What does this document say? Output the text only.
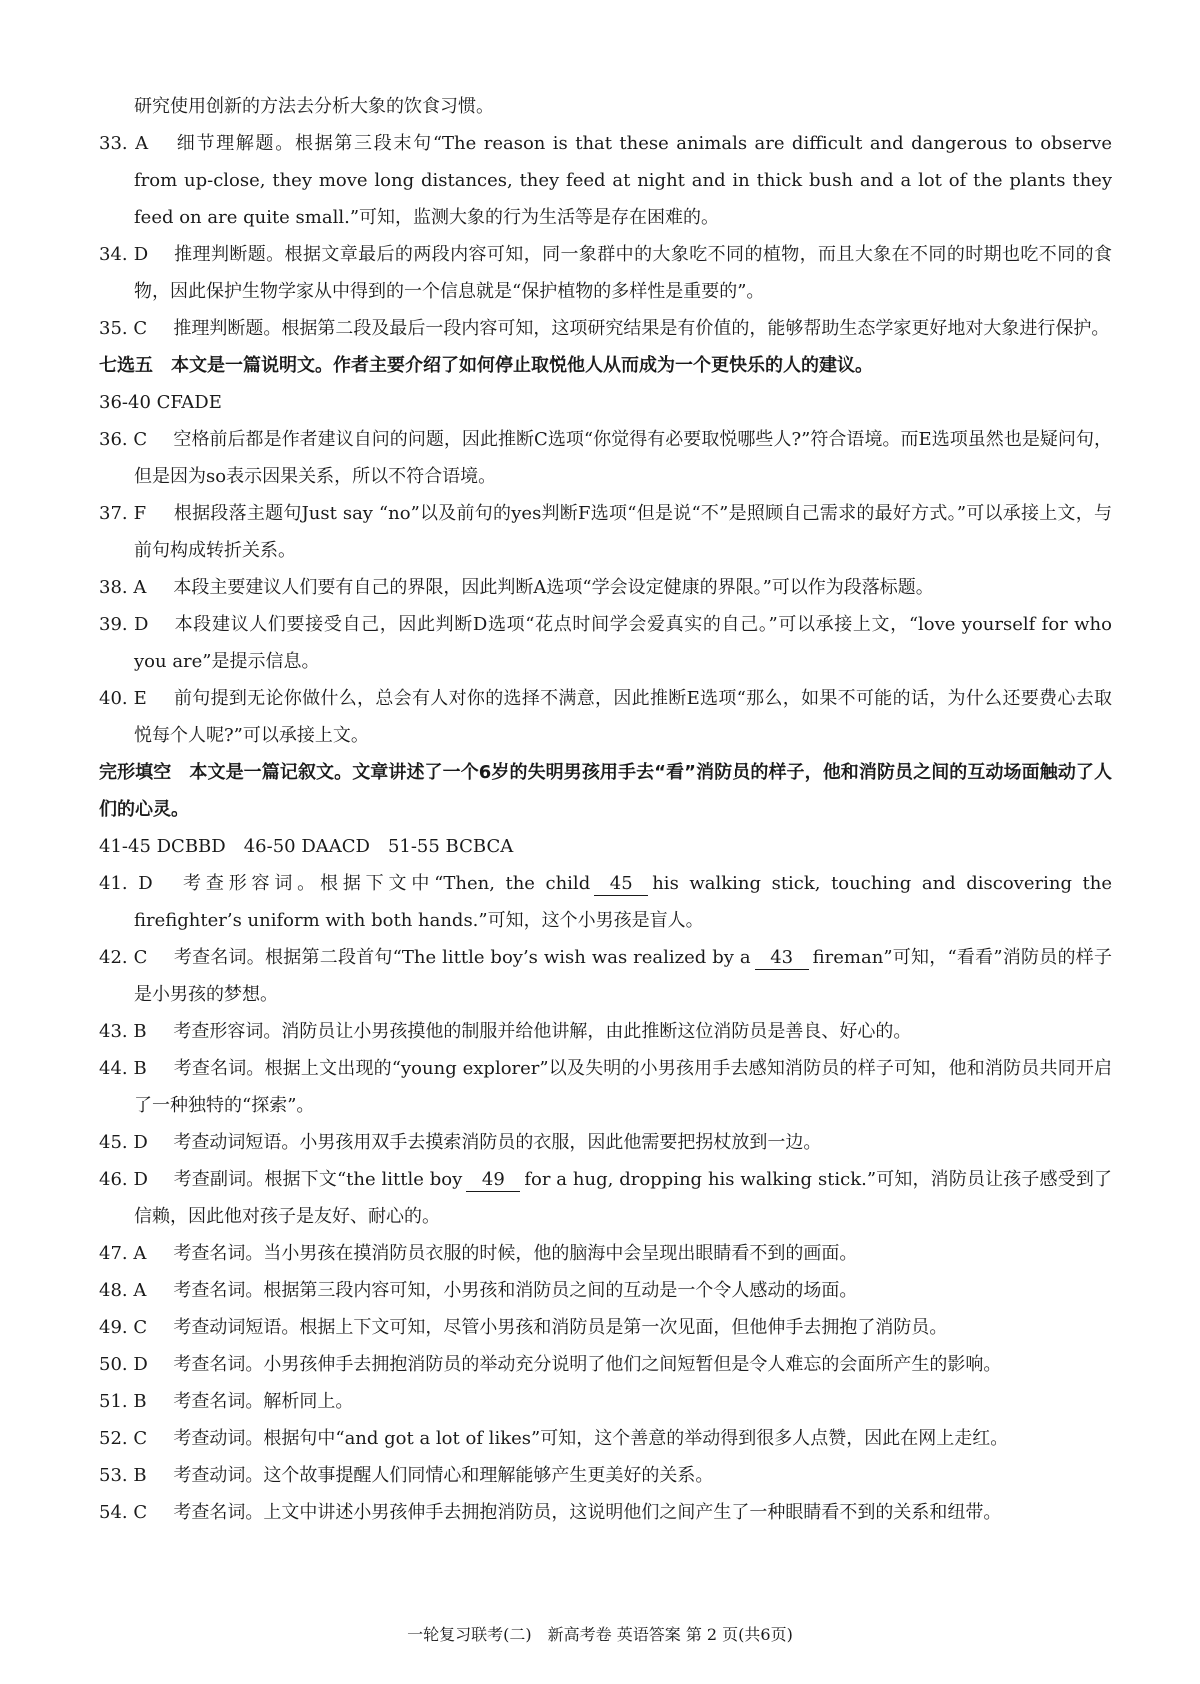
研究使用创新的方法去分析大象的饮食习惯。

33. A 细节理解题。根据第三段末句“The reason is that these animals are difficult and dangerous to observe from up-close, they move long distances, they feed at night and in thick bush and a lot of the plants they feed on are quite small.”可知，监测大象的行为生活等是存在困难的。

34. D 推理判断题。根据文章最后的两段内容可知，同一象群中的大象吃不同的植物，而且大象在不同的时期也吃不同的食物，因此保护生物学家从中得到的一个信息就是“保护植物的多样性是重要的”。

35. C 推理判断题。根据第二段及最后一段内容可知，这项研究结果是有价值的，能够帮助生态学家更好地对大象进行保护。

七选五　本文是一篇说明文。作者主要介绍了如何停止取悦他人从而成为一个更快乐的人的建议。

36-40 CFADE

36. C 空格前后都是作者建议自问的问题，因此推断C选项“你觉得有必要取悦哪些人?”符合语境。而E选项虽然也是疑问句，但是因为so表示因果关系，所以不符合语境。

37. F 根据段落主题句Just say “no”以及前句的yes判断F选项“但是说“不”是照顾自己需求的最好方式。”可以承接上文，与前句构成转折关系。

38. A 本段主要建议人们要有自己的界限，因此判断A选项“学会设定健康的界限。”可以作为段落标题。

39. D 本段建议人们要接受自己，因此判断D选项“花点时间学会爱真实的自己。”可以承接上文，“love yourself for who you are”是提示信息。

40. E 前句提到无论你做什么，总会有人对你的选择不满意，因此推断E选项“那么，如果不可能的话，为什么还要费心去取悦每个人呢?”可以承接上文。

完形填空　本文是一篇记叙文。文章讲述了一个6岁的失明男孩用手去“看”消防员的样子，他和消防员之间的互动场面触动了人们的心灵。

41-45 DCBBD　46-50 DAACD　51-55 BCBCA

41. D 考查形容词。根据下文中“Then, the child 45 his walking stick, touching and discovering the firefighter’s uniform with both hands.”可知，这个小男孩是盲人。

42. C 考查名词。根据第二段首句“The little boy’s wish was realized by a 43 fireman”可知，“看看”消防员的样子是小男孩的梦想。

43. B 考查形容词。消防员让小男孩摸他的制服并给他讲解，由此推断这位消防员是善良、好心的。

44. B 考查名词。根据上文出现的“young explorer”以及失明的小男孩用手去感知消防员的样子可知，他和消防员共同开启了一种独特的“探索”。

45. D 考查动词短语。小男孩用双手去摸索消防员的衣服，因此他需要把拐杖放到一边。

46. D 考查副词。根据下文“the little boy 49 for a hug, dropping his walking stick.”可知，消防员让孩子感受到了信赖，因此他对孩子是友好、耐心的。

47. A 考查名词。当小男孩在摸消防员衣服的时候，他的脑海中会呈现出眼睛看不到的画面。

48. A 考查名词。根据第三段内容可知，小男孩和消防员之间的互动是一个令人感动的场面。

49. C 考查动词短语。根据上下文可知，尽管小男孩和消防员是第一次见面，但他伸手去拥抱了消防员。

50. D 考查名词。小男孩伸手去拥抱消防员的举动充分说明了他们之间短暂但是令人难忘的会面所产生的影响。

51. B 考查名词。解析同上。

52. C 考查动词。根据句中“and got a lot of likes”可知，这个善意的举动得到很多人点赞，因此在网上走红。

53. B 考查动词。这个故事提醒人们同情心和理解能够产生更美好的关系。

54. C 考查名词。上文中讲述小男孩伸手去拥抱消防员，这说明他们之间产生了一种眼睛看不到的关系和纽带。

一轮复习联考(二)　新高考卷 英语答案 第 2 页(共6页)
